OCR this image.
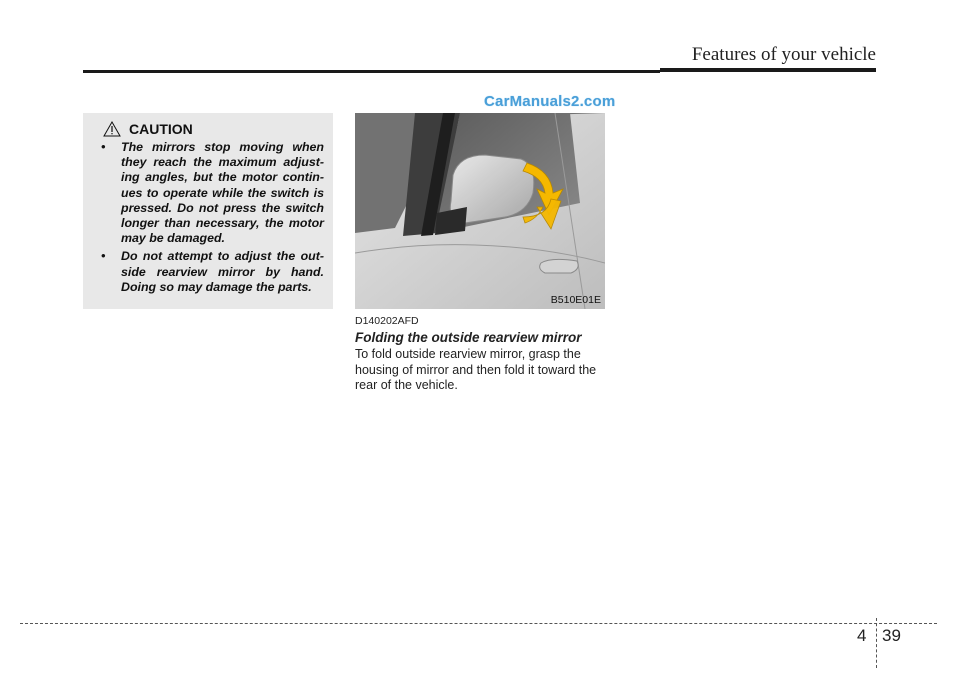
Features of your vehicle
CarManuals2.com
CAUTION
• The mirrors stop moving when they reach the maximum adjust-ing angles, but the motor contin-ues to operate while the switch is pressed. Do not press the switch longer than necessary, the motor may be damaged.
• Do not attempt to adjust the out-side rearview mirror by hand. Doing so may damage the parts.
B510E01E
D140202AFD
Folding the outside rearview mirror
To fold outside rearview mirror, grasp the housing of mirror and then fold it toward the rear of the vehicle.
4 39
